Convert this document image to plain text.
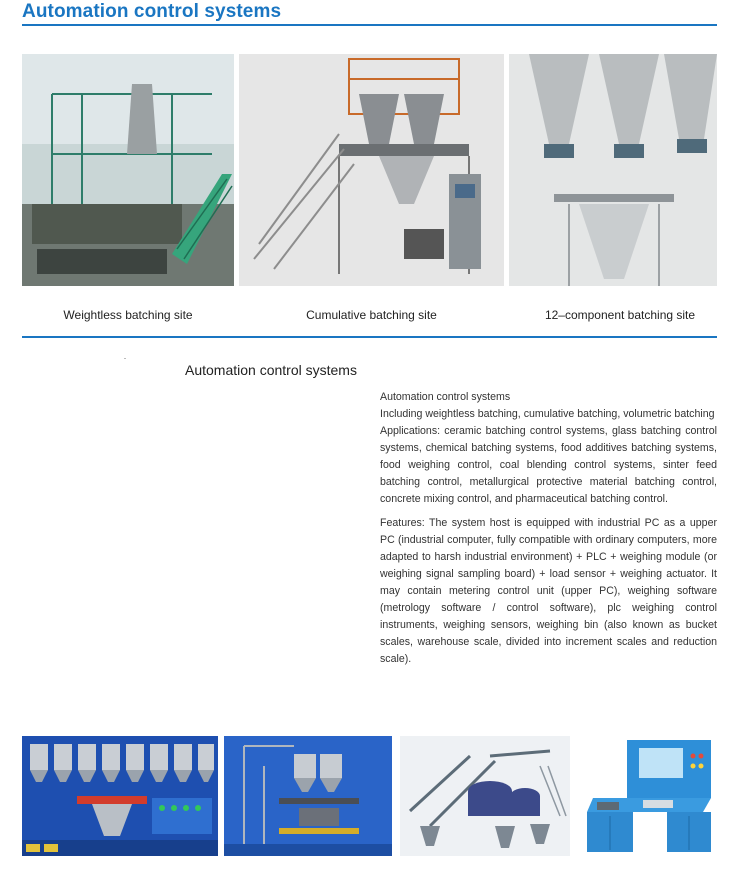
Automation control systems
Weightless batching site	Cumulative batching site	12–component batching site
Automation control systems

Automation control systems

Including weightless batching, cumulative batching, volumetric batching

Applications: ceramic batching control systems, glass batching control systems, chemical batching systems, food additives batching systems, food weighing control, coal blending control systems, sinter feed batching control, metallurgical protective material batching control, concrete mixing control, and pharmaceutical batching control.

Features: The system host is equipped with industrial PC as a upper PC (industrial computer, fully compatible with ordinary computers, more adapted to harsh industrial environment) + PLC + weighing module (or weighing signal sampling board) + load sensor + weighing actuator. It may contain metering control unit (upper PC), weighing software (metrology software / control software), plc weighing control instruments, weighing sensors, weighing bin (also known as bucket scales, warehouse scale, divided into increment scales and reduction scale).
